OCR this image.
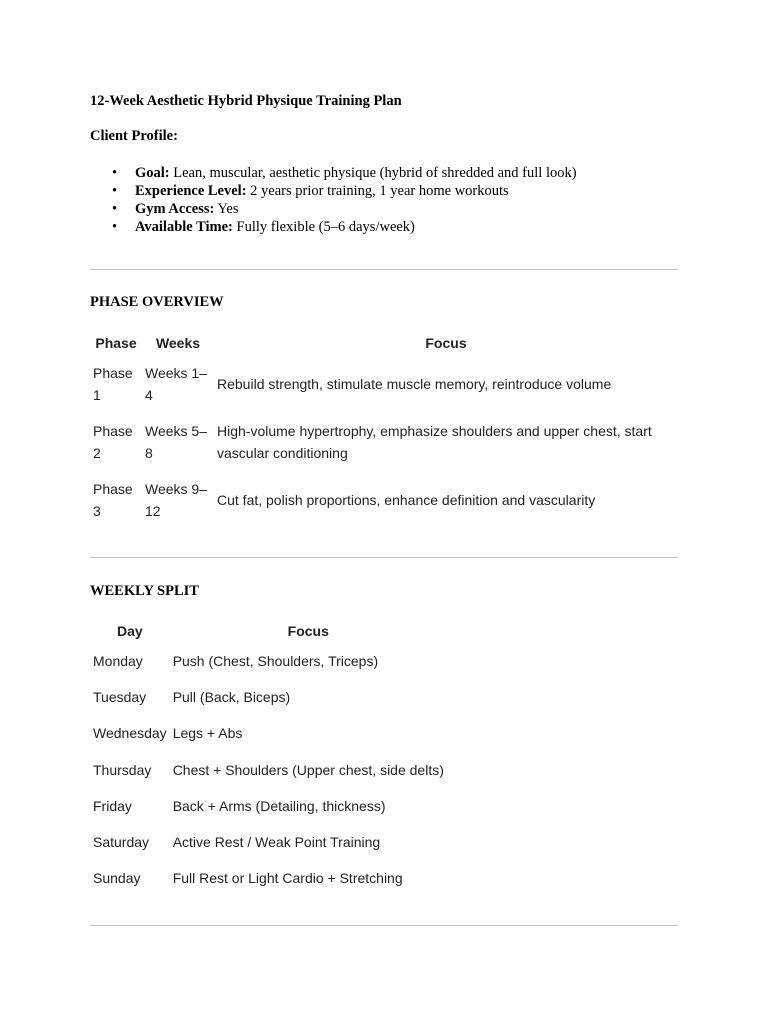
12-Week Aesthetic Hybrid Physique Training Plan
Client Profile:
• Goal: Lean, muscular, aesthetic physique (hybrid of shredded and full look)
• Experience Level: 2 years prior training, 1 year home workouts
• Gym Access: Yes
• Available Time: Fully flexible (5–6 days/week)
PHASE OVERVIEW
Phase	Weeks	Focus
Phase 1	Weeks 1–4	Rebuild strength, stimulate muscle memory, reintroduce volume
Phase 2	Weeks 5–8	High-volume hypertrophy, emphasize shoulders and upper chest, start vascular conditioning
Phase 3	Weeks 9–12	Cut fat, polish proportions, enhance definition and vascularity
WEEKLY SPLIT
Day	Focus
Monday	Push (Chest, Shoulders, Triceps)
Tuesday	Pull (Back, Biceps)
Wednesday	Legs + Abs
Thursday	Chest + Shoulders (Upper chest, side delts)
Friday	Back + Arms (Detailing, thickness)
Saturday	Active Rest / Weak Point Training
Sunday	Full Rest or Light Cardio + Stretching
